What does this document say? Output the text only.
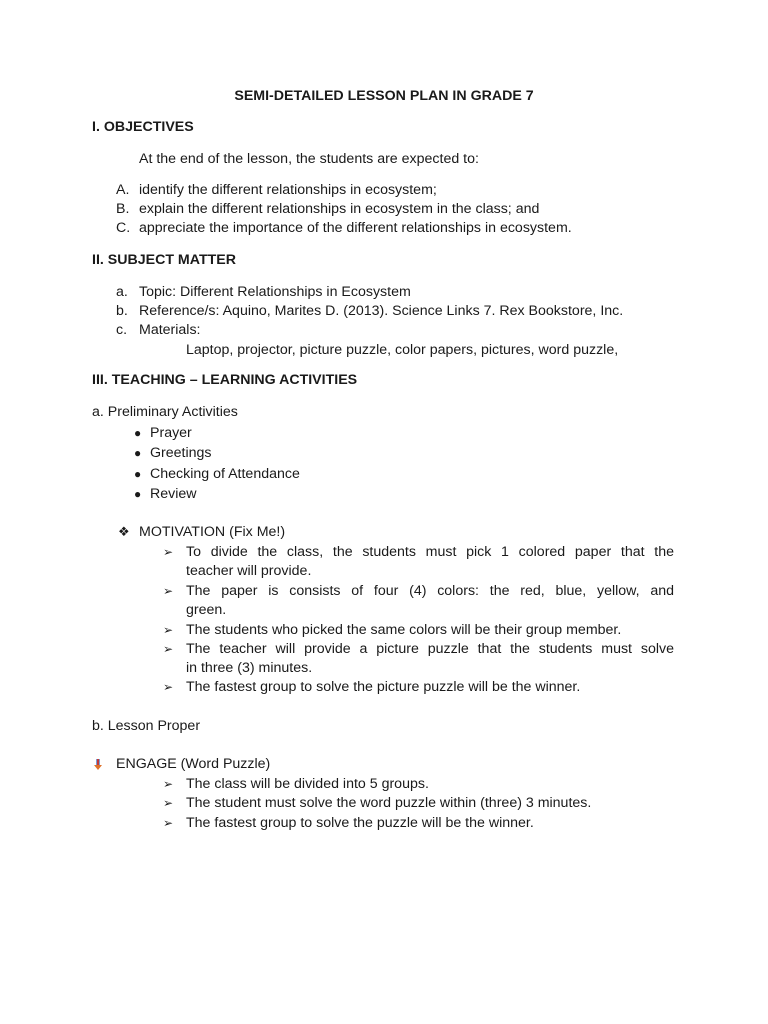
SEMI-DETAILED LESSON PLAN IN GRADE 7
I. OBJECTIVES
At the end of the lesson, the students are expected to:
A. identify the different relationships in ecosystem;
B. explain the different relationships in ecosystem in the class; and
C. appreciate the importance of the different relationships in ecosystem.
II. SUBJECT MATTER
a. Topic: Different Relationships in Ecosystem
b. Reference/s: Aquino, Marites D. (2013). Science Links 7. Rex Bookstore, Inc.
c. Materials:
Laptop, projector, picture puzzle, color papers, pictures, word puzzle,
III. TEACHING – LEARNING ACTIVITIES
a. Preliminary Activities
● Prayer
● Greetings
● Checking of Attendance
● Review
❖ MOTIVATION (Fix Me!)
➢ To divide the class, the students must pick 1 colored paper that the
teacher will provide.
➢ The paper is consists of four (4) colors: the red, blue, yellow, and
green.
➢ The students who picked the same colors will be their group member.
➢ The teacher will provide a picture puzzle that the students must solve
in three (3) minutes.
➢ The fastest group to solve the picture puzzle will be the winner.
b. Lesson Proper
ENGAGE (Word Puzzle)
➢ The class will be divided into 5 groups.
➢ The student must solve the word puzzle within (three) 3 minutes.
➢ The fastest group to solve the puzzle will be the winner.
